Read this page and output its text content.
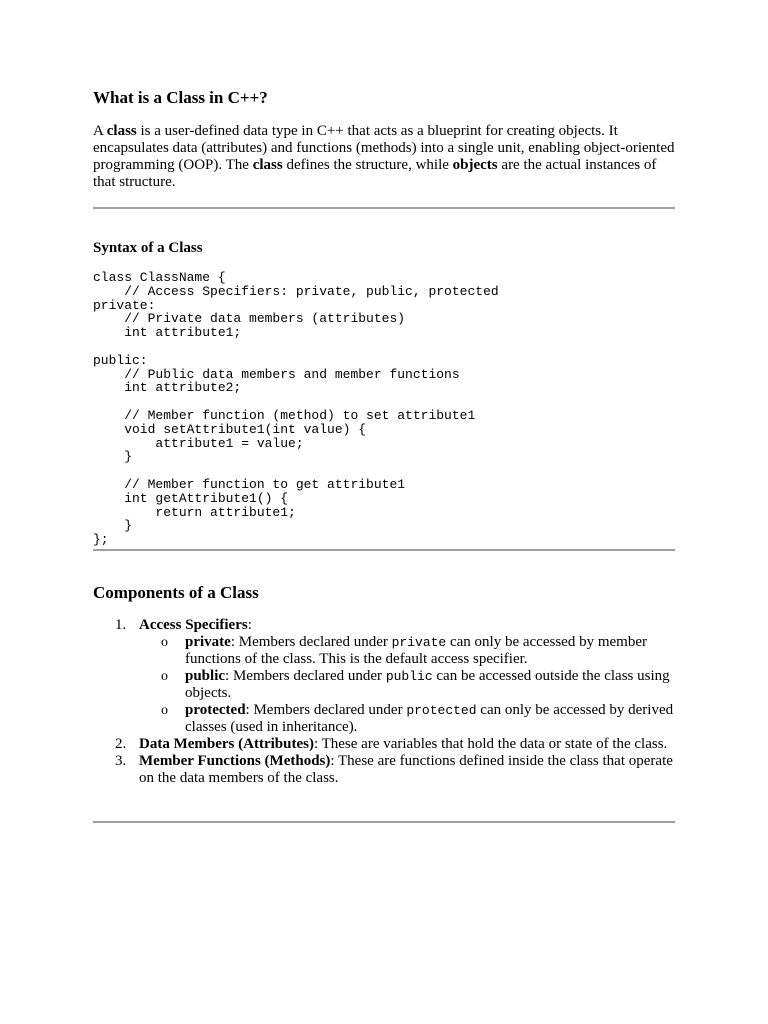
What is a Class in C++?

A class is a user-defined data type in C++ that acts as a blueprint for creating objects. It encapsulates data (attributes) and functions (methods) into a single unit, enabling object-oriented programming (OOP). The class defines the structure, while objects are the actual instances of that structure.

Syntax of a Class
class ClassName {
// Access Specifiers: private, public, protected
private:
// Private data members (attributes)
int attribute1;

public:
// Public data members and member functions
int attribute2;

// Member function (method) to set attribute1
void setAttribute1(int value) {
attribute1 = value;
}

// Member function to get attribute1
int getAttribute1() {
return attribute1;
}
};
Components of a Class
1. Access Specifiers:
o private: Members declared under private can only be accessed by member functions of the class. This is the default access specifier.
o public: Members declared under public can be accessed outside the class using objects.
o protected: Members declared under protected can only be accessed by derived classes (used in inheritance).
2. Data Members (Attributes): These are variables that hold the data or state of the class.
3. Member Functions (Methods): These are functions defined inside the class that operate on the data members of the class.
